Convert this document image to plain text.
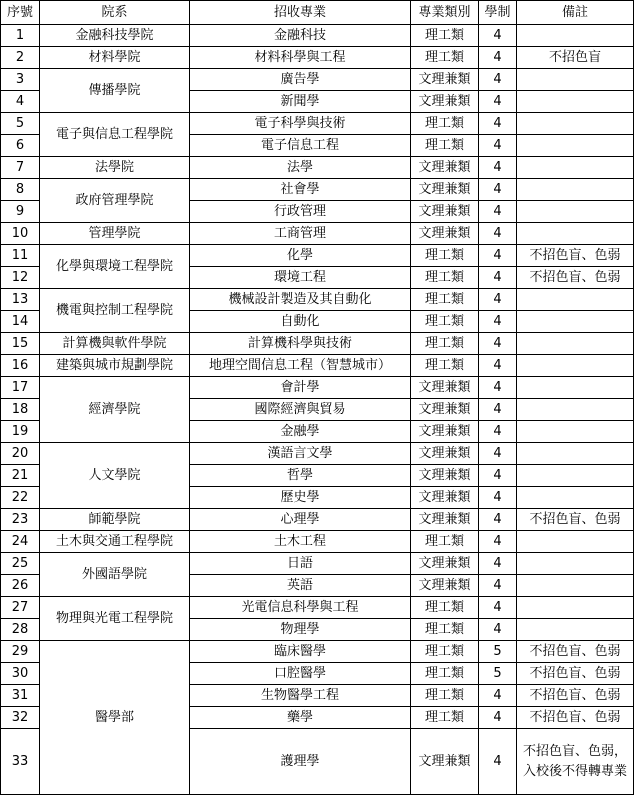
序號	院系	招收專業	專業類別	學制	備註
1	金融科技學院	金融科技	理工類	4	
2	材料學院	材料科學與工程	理工類	4	不招色盲
3	傳播學院	廣告學	文理兼類	4	
4		新聞學	文理兼類	4	
5	電子與信息工程學院	電子科學與技術	理工類	4	
6		電子信息工程	理工類	4	
7	法學院	法學	文理兼類	4	
8	政府管理學院	社會學	文理兼類	4	
9		行政管理	文理兼類	4	
10	管理學院	工商管理	文理兼類	4	
11	化學與環境工程學院	化學	理工類	4	不招色盲、色弱
12		環境工程	理工類	4	不招色盲、色弱
13	機電與控制工程學院	機械設計製造及其自動化	理工類	4	
14		自動化	理工類	4	
15	計算機與軟件學院	計算機科學與技術	理工類	4	
16	建築與城市規劃學院	地理空間信息工程（智慧城市）	理工類	4	
17	經濟學院	會計學	文理兼類	4	
18		國際經濟與貿易	文理兼類	4	
19		金融學	文理兼類	4	
20	人文學院	漢語言文學	文理兼類	4	
21		哲學	文理兼類	4	
22		歷史學	文理兼類	4	
23	師範學院	心理學	文理兼類	4	不招色盲、色弱
24	土木與交通工程學院	土木工程	理工類	4	
25	外國語學院	日語	文理兼類	4	
26		英語	文理兼類	4	
27	物理與光電工程學院	光電信息科學與工程	理工類	4	
28		物理學	理工類	4	
29	醫學部	臨床醫學	理工類	5	不招色盲、色弱
30		口腔醫學	理工類	5	不招色盲、色弱
31		生物醫學工程	理工類	4	不招色盲、色弱
32		藥學	理工類	4	不招色盲、色弱
33		護理學	文理兼類	4	不招色盲、色弱，入校後不得轉專業
